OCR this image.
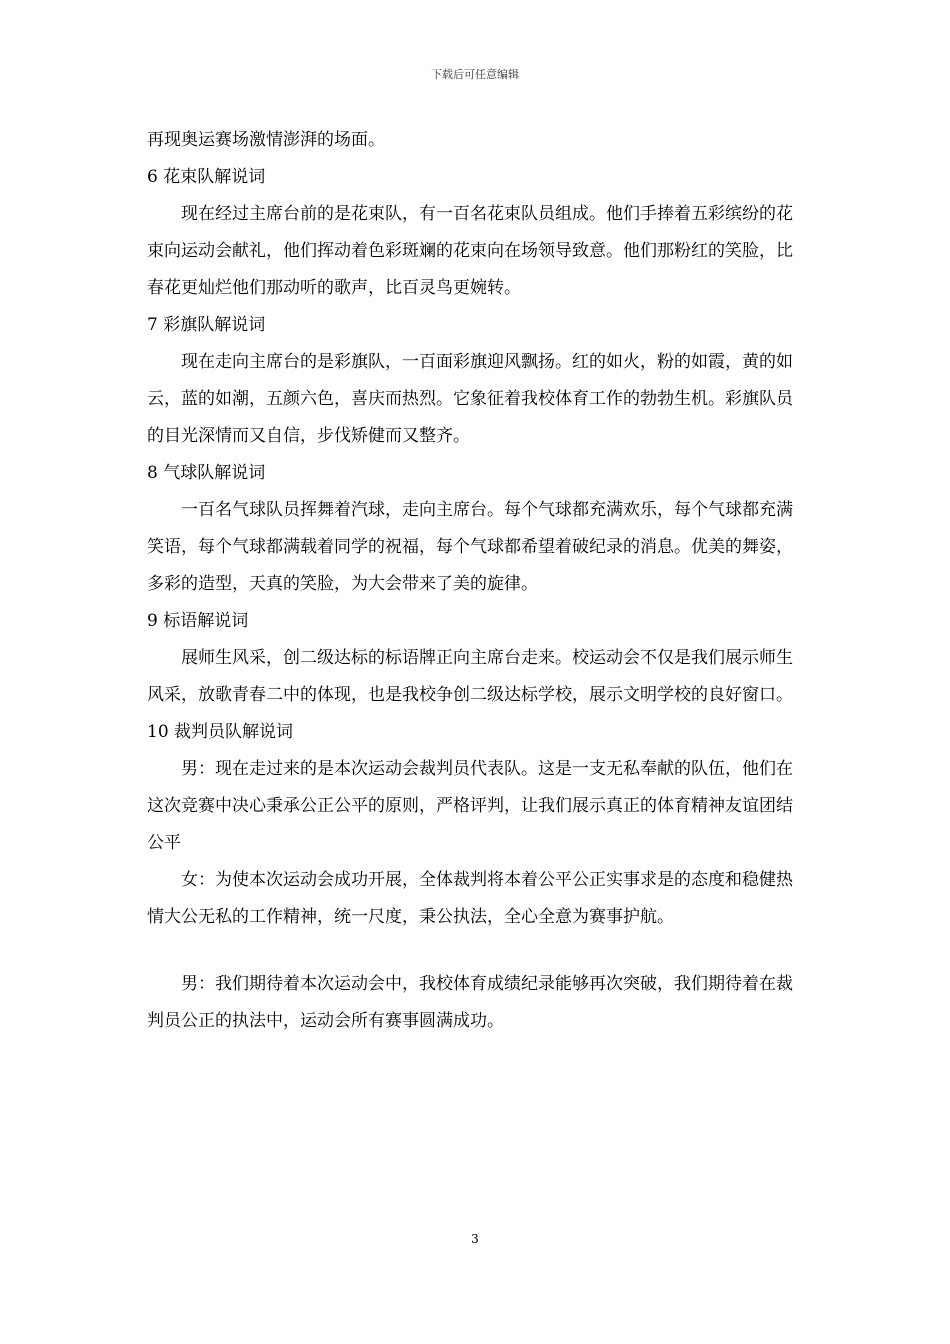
下载后可任意编辑

再现奥运赛场激情澎湃的场面。

6 花束队解说词

现在经过主席台前的是花束队，有一百名花束队员组成。他们手捧着五彩缤纷的花束向运动会献礼，他们挥动着色彩斑斓的花束向在场领导致意。他们那粉红的笑脸，比春花更灿烂他们那动听的歌声，比百灵鸟更婉转。

7 彩旗队解说词

现在走向主席台的是彩旗队，一百面彩旗迎风飘扬。红的如火，粉的如霞，黄的如云，蓝的如潮，五颜六色，喜庆而热烈。它象征着我校体育工作的勃勃生机。彩旗队员的目光深情而又自信，步伐矫健而又整齐。

8 气球队解说词

一百名气球队员挥舞着汽球，走向主席台。每个气球都充满欢乐，每个气球都充满笑语，每个气球都满载着同学的祝福，每个气球都希望着破纪录的消息。优美的舞姿，多彩的造型，天真的笑脸，为大会带来了美的旋律。

9 标语解说词

展师生风采，创二级达标的标语牌正向主席台走来。校运动会不仅是我们展示师生风采，放歌青春二中的体现，也是我校争创二级达标学校，展示文明学校的良好窗口。

10 裁判员队解说词

男：现在走过来的是本次运动会裁判员代表队。这是一支无私奉献的队伍，他们在这次竞赛中决心秉承公正公平的原则，严格评判，让我们展示真正的体育精神友谊团结公平

女：为使本次运动会成功开展，全体裁判将本着公平公正实事求是的态度和稳健热情大公无私的工作精神，统一尺度，秉公执法，全心全意为赛事护航。

男：我们期待着本次运动会中，我校体育成绩纪录能够再次突破，我们期待着在裁判员公正的执法中，运动会所有赛事圆满成功。

3
